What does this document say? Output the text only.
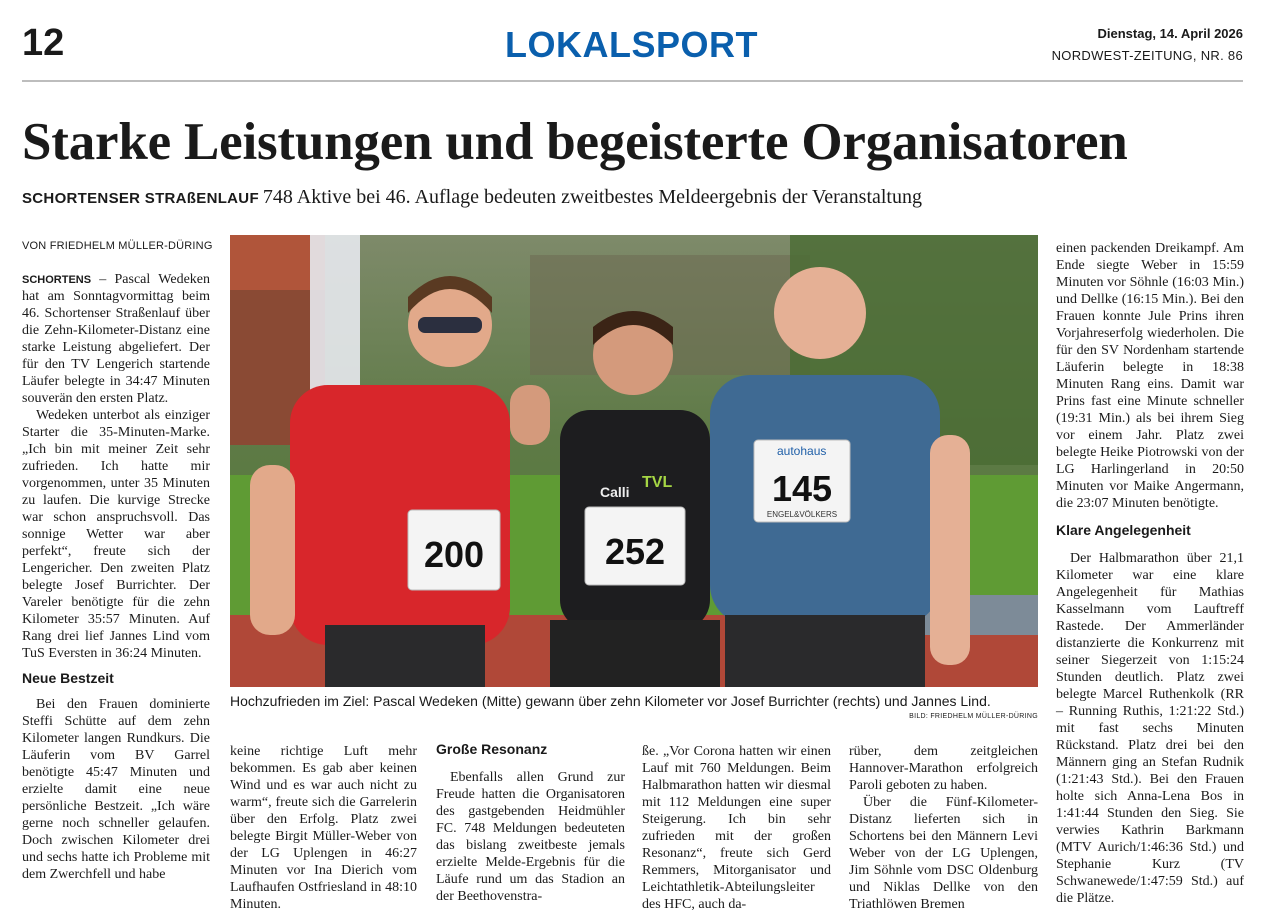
12	LOKALSPORT	Dienstag, 14. April 2026
NORDWEST-ZEITUNG, NR. 86
Starke Leistungen und begeisterte Organisatoren
SCHORTENSER STRAßENLAUF 748 Aktive bei 46. Auflage bedeuten zweitbestes Meldeergebnis der Veranstaltung
VON FRIEDHELM MÜLLER-DÜRING

SCHORTENS – Pascal Wedeken hat am Sonntagvormittag beim 46. Schortenser Straßenlauf über die Zehn-Kilometer-Distanz eine starke Leistung abgeliefert. Der für den TV Lengerich startende Läufer belegte in 34:47 Minuten souverän den ersten Platz.

Wedeken unterbot als einziger Starter die 35-Minuten-Marke. „Ich bin mit meiner Zeit sehr zufrieden. Ich hatte mir vorgenommen, unter 35 Minuten zu laufen. Die kurvige Strecke war schon anspruchsvoll. Das sonnige Wetter war aber perfekt“, freute sich der Lengericher. Den zweiten Platz belegte Josef Burrichter. Der Vareler benötigte für die zehn Kilometer 35:57 Minuten. Auf Rang drei lief Jannes Lind vom TuS Eversten in 36:24 Minuten.

Neue Bestzeit

Bei den Frauen dominierte Steffi Schütte auf dem zehn Kilometer langen Rundkurs. Die Läuferin vom BV Garrel benötigte 45:47 Minuten und erzielte damit eine neue persönliche Bestzeit. „Ich wäre gerne noch schneller gelaufen. Doch zwischen Kilometer drei und sechs hatte ich Probleme mit dem Zwerchfell und habe

200
Calli
TVL
252
autohaus
145
ENGEL&VÖLKERS
Hochzufrieden im Ziel: Pascal Wedeken (Mitte) gewann über zehn Kilometer vor Josef Burrichter (rechts) und Jannes Lind.
BILD: FRIEDHELM MÜLLER-DÜRING

keine richtige Luft mehr bekommen. Es gab aber keinen Wind und es war auch nicht zu warm“, freute sich die Garrelerin über den Erfolg. Platz zwei belegte Birgit Müller-Weber von der LG Uplengen in 46:27 Minuten vor Ina Dierich vom Laufhaufen Ostfriesland in 48:10 Minuten.

Große Resonanz

Ebenfalls allen Grund zur Freude hatten die Organisatoren des gastgebenden Heidmühler FC. 748 Meldungen bedeuteten das bislang zweitbeste jemals erzielte Melde-Ergebnis für die Läufe rund um das Stadion an der Beethovenstra-

ße. „Vor Corona hatten wir einen Lauf mit 760 Meldungen. Beim Halbmarathon hatten wir diesmal mit 112 Meldungen eine super Steigerung. Ich bin sehr zufrieden mit der großen Resonanz“, freute sich Gerd Remmers, Mitorganisator und Leichtathletik-Abteilungsleiter des HFC, auch da-

rüber, dem zeitgleichen Hannover-Marathon erfolgreich Paroli geboten zu haben.

Über die Fünf-Kilometer-Distanz lieferten sich in Schortens bei den Männern Levi Weber von der LG Uplengen, Jim Söhnle vom DSC Oldenburg und Niklas Dellke von den Triathlöwen Bremen

einen packenden Dreikampf. Am Ende siegte Weber in 15:59 Minuten vor Söhnle (16:03 Min.) und Dellke (16:15 Min.). Bei den Frauen konnte Jule Prins ihren Vorjahreserfolg wiederholen. Die für den SV Nordenham startende Läuferin belegte in 18:38 Minuten Rang eins. Damit war Prins fast eine Minute schneller (19:31 Min.) als bei ihrem Sieg vor einem Jahr. Platz zwei belegte Heike Piotrowski von der LG Harlingerland in 20:50 Minuten vor Maike Angermann, die 23:07 Minuten benötigte.

Klare Angelegenheit

Der Halbmarathon über 21,1 Kilometer war eine klare Angelegenheit für Mathias Kasselmann vom Lauftreff Rastede. Der Ammerländer distanzierte die Konkurrenz mit seiner Siegerzeit von 1:15:24 Stunden deutlich. Platz zwei belegte Marcel Ruthenkolk (RR – Running Ruthis, 1:21:22 Std.) mit fast sechs Minuten Rückstand. Platz drei bei den Männern ging an Stefan Rudnik (1:21:43 Std.). Bei den Frauen holte sich Anna-Lena Bos in 1:41:44 Stunden den Sieg. Sie verwies Kathrin Barkmann (MTV Aurich/1:46:36 Std.) und Stephanie Kurz (TV Schwanewede/1:47:59 Std.) auf die Plätze.
